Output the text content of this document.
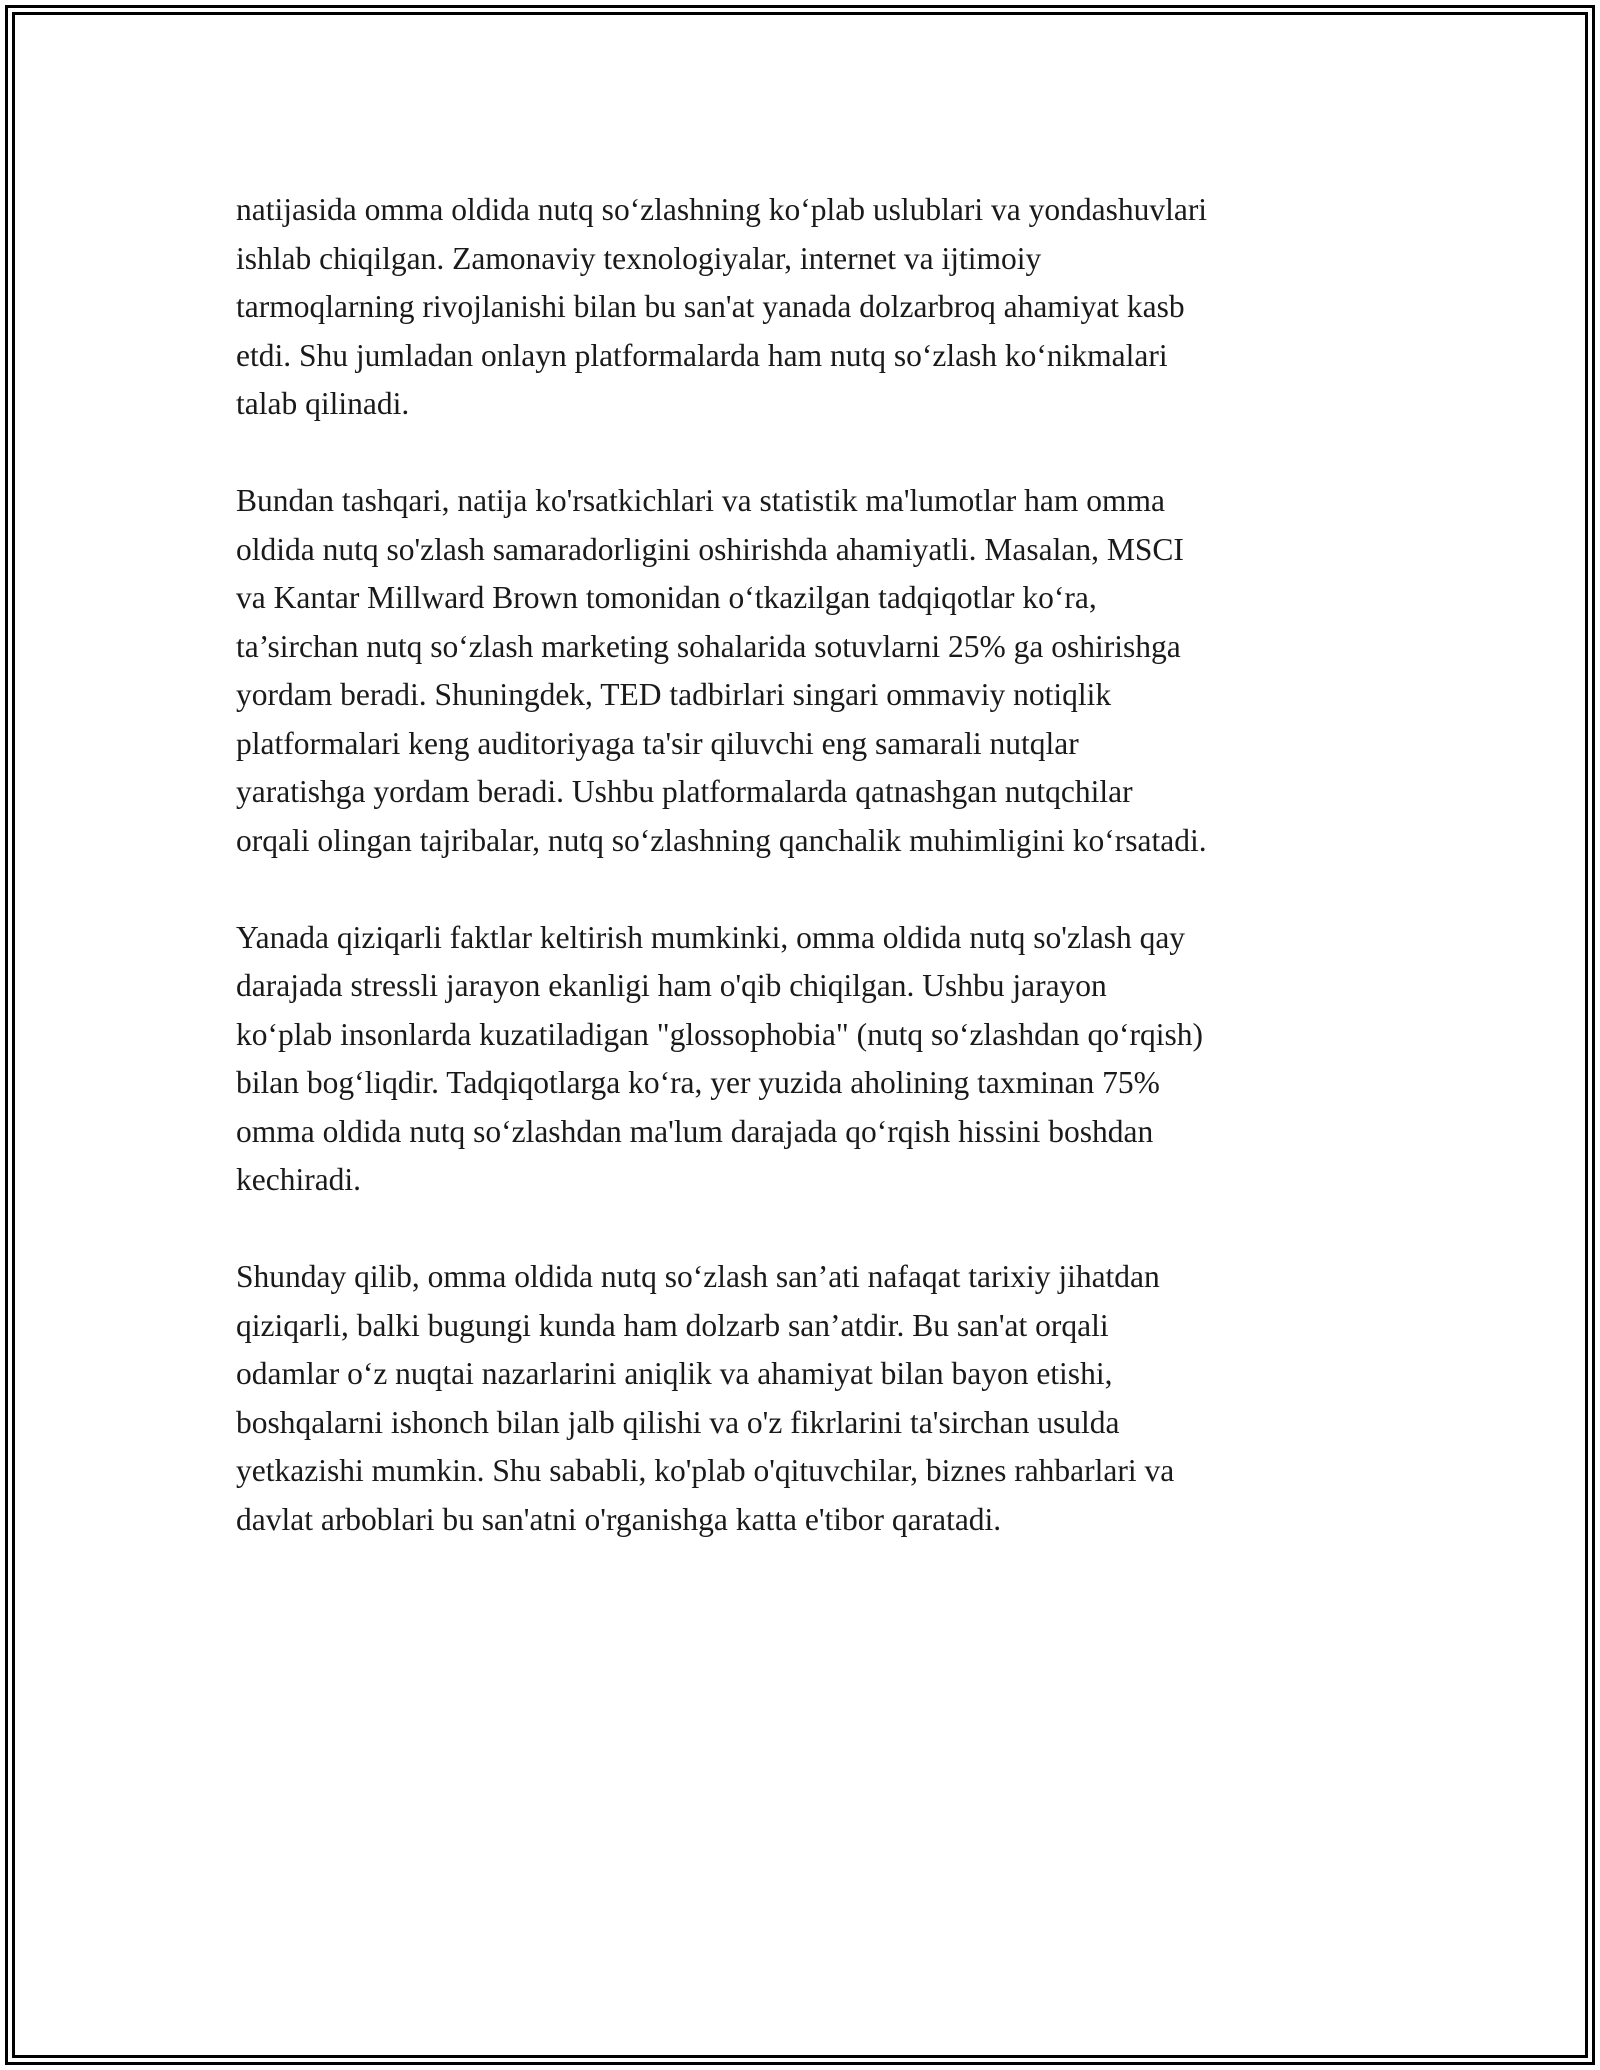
natijasida omma oldida nutq so‘zlashning ko‘plab uslublari va yondashuvlari
ishlab chiqilgan. Zamonaviy texnologiyalar, internet va ijtimoiy
tarmoqlarning rivojlanishi bilan bu san'at yanada dolzarbroq ahamiyat kasb
etdi. Shu jumladan onlayn platformalarda ham nutq so‘zlash ko‘nikmalari
talab qilinadi.

Bundan tashqari, natija ko'rsatkichlari va statistik ma'lumotlar ham omma
oldida nutq so'zlash samaradorligini oshirishda ahamiyatli. Masalan, MSCI
va Kantar Millward Brown tomonidan o‘tkazilgan tadqiqotlar ko‘ra,
ta’sirchan nutq so‘zlash marketing sohalarida sotuvlarni 25% ga oshirishga
yordam beradi. Shuningdek, TED tadbirlari singari ommaviy notiqlik
platformalari keng auditoriyaga ta'sir qiluvchi eng samarali nutqlar
yaratishga yordam beradi. Ushbu platformalarda qatnashgan nutqchilar
orqali olingan tajribalar, nutq so‘zlashning qanchalik muhimligini ko‘rsatadi.

Yanada qiziqarli faktlar keltirish mumkinki, omma oldida nutq so'zlash qay
darajada stressli jarayon ekanligi ham o'qib chiqilgan. Ushbu jarayon
ko‘plab insonlarda kuzatiladigan "glossophobia" (nutq so‘zlashdan qo‘rqish)
bilan bog‘liqdir. Tadqiqotlarga ko‘ra, yer yuzida aholining taxminan 75%
omma oldida nutq so‘zlashdan ma'lum darajada qo‘rqish hissini boshdan
kechiradi.

Shunday qilib, omma oldida nutq so‘zlash san’ati nafaqat tarixiy jihatdan
qiziqarli, balki bugungi kunda ham dolzarb san’atdir. Bu san'at orqali
odamlar o‘z nuqtai nazarlarini aniqlik va ahamiyat bilan bayon etishi,
boshqalarni ishonch bilan jalb qilishi va o'z fikrlarini ta'sirchan usulda
yetkazishi mumkin. Shu sababli, ko'plab o'qituvchilar, biznes rahbarlari va
davlat arboblari bu san'atni o'rganishga katta e'tibor qaratadi.
